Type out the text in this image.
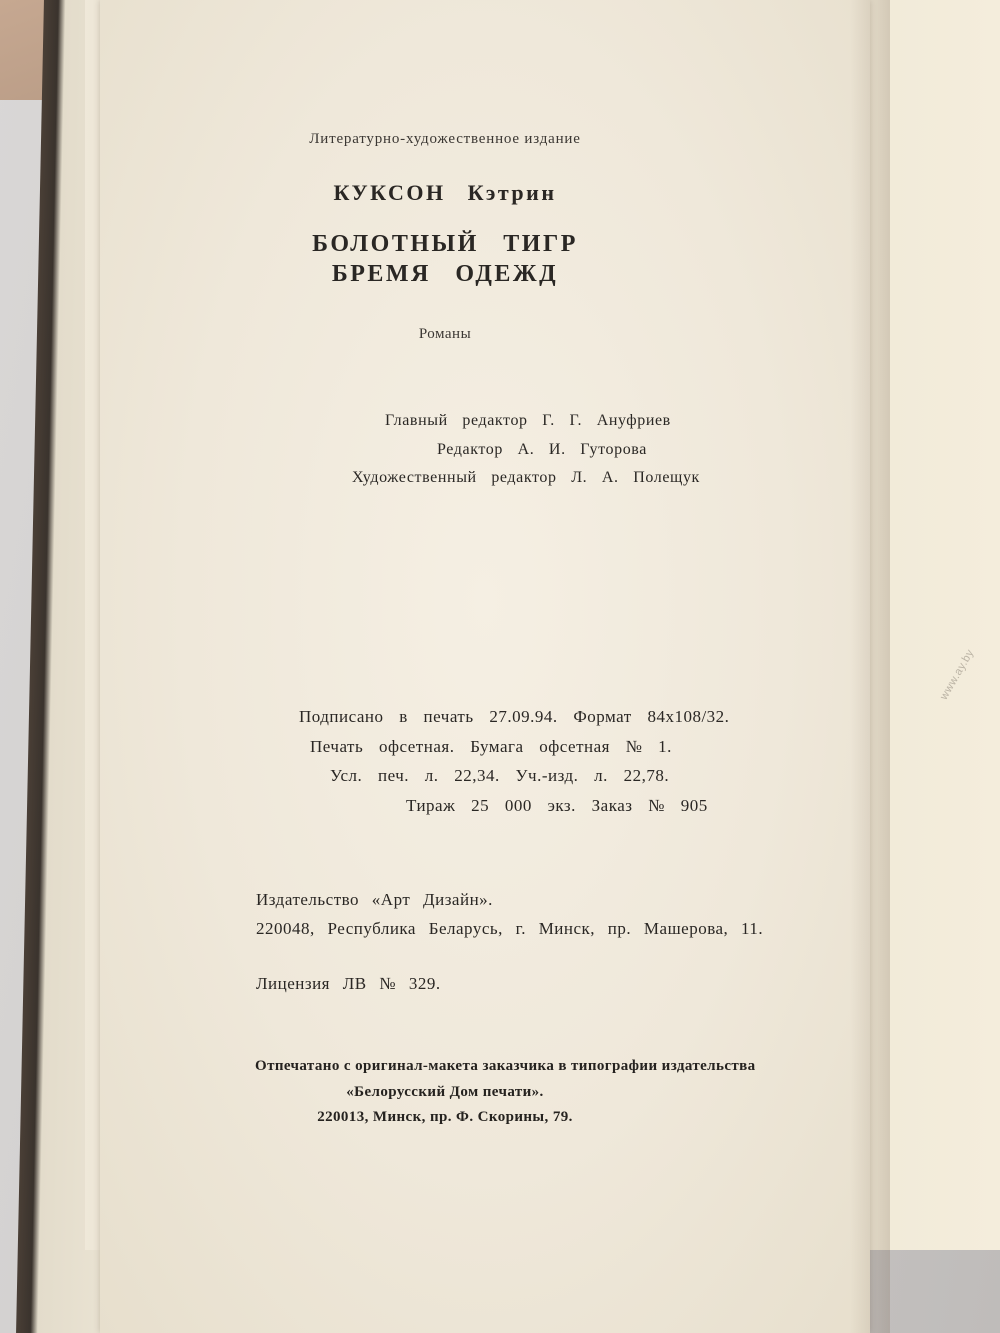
Литературно-художественное издание
КУКСОН Кэтрин
БОЛОТНЫЙ ТИГР
БРЕМЯ ОДЕЖД
Романы
Главный редактор Г. Г. Ануфриев
Редактор А. И. Гуторова
Художественный редактор Л. А. Полещук
Подписано в печать 27.09.94. Формат 84x108/32.
Печать офсетная. Бумага офсетная № 1.
Усл. печ. л. 22,34. Уч.-изд. л. 22,78.
Тираж 25 000 экз. Заказ № 905
Издательство «Арт Дизайн».
220048, Республика Беларусь, г. Минск, пр. Машерова, 11.
Лицензия ЛВ № 329.
Отпечатано с оригинал-макета заказчика в типографии издательства
«Белорусский Дом печати».
220013, Минск, пр. Ф. Скорины, 79.
www.ay.by
